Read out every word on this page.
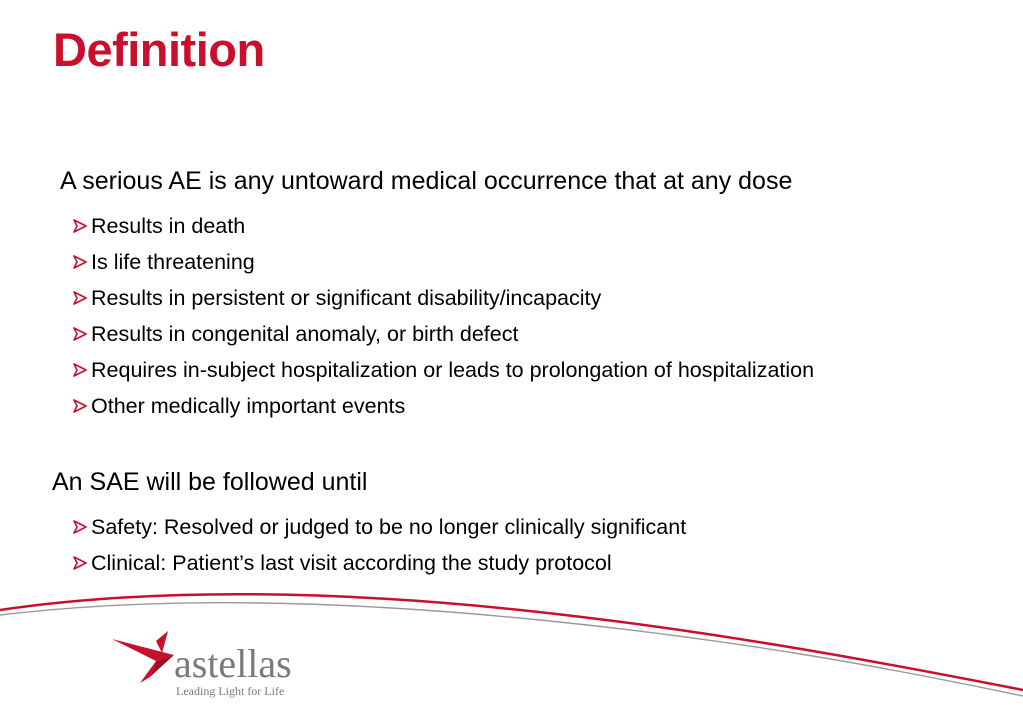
Definition

A serious AE is any untoward medical occurrence that at any dose

Results in death
Is life threatening
Results in persistent or significant disability/incapacity
Results in congenital anomaly, or birth defect
Requires in-subject hospitalization or leads to prolongation of hospitalization
Other medically important events

An SAE will be followed until

Safety: Resolved or judged to be no longer clinically significant
Clinical: Patient’s last visit according the study protocol
astellas
Leading Light for Life
